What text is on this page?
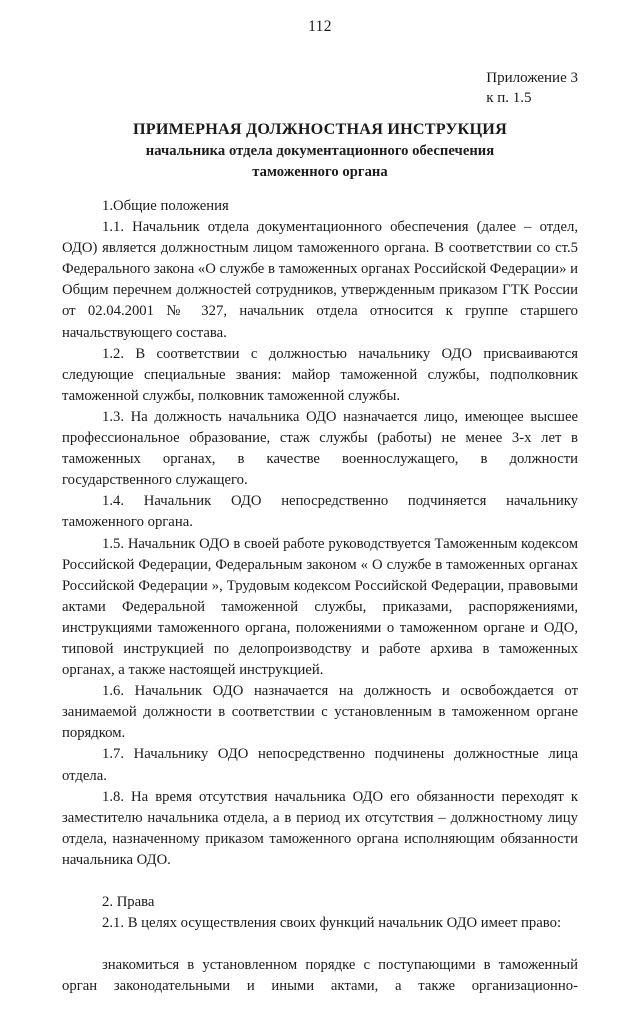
112
Приложение 3
к п. 1.5
ПРИМЕРНАЯ ДОЛЖНОСТНАЯ ИНСТРУКЦИЯ
начальника отдела документационного обеспечения
таможенного органа

1.Общие положения

1.1. Начальник отдела документационного обеспечения (далее – отдел, ОДО) является должностным лицом таможенного органа. В соответствии со ст.5 Федерального закона «О службе в таможенных органах Российской Федерации» и Общим перечнем должностей сотрудников, утвержденным приказом ГТК России от 02.04.2001 № 327, начальник отдела относится к группе старшего начальствующего состава.

1.2. В соответствии с должностью начальнику ОДО присваиваются следующие специальные звания: майор таможенной службы, подполковник таможенной службы, полковник таможенной службы.

1.3. На должность начальника ОДО назначается лицо, имеющее высшее профессиональное образование, стаж службы (работы) не менее 3-х лет в таможенных органах, в качестве военнослужащего, в должности государственного служащего.

1.4. Начальник ОДО непосредственно подчиняется начальнику таможенного органа.

1.5. Начальник ОДО в своей работе руководствуется Таможенным кодексом Российской Федерации, Федеральным законом « О службе в таможенных органах Российской Федерации », Трудовым кодексом Российской Федерации, правовыми актами Федеральной таможенной службы, приказами, распоряжениями, инструкциями таможенного органа, положениями о таможенном органе и ОДО, типовой инструкцией по делопроизводству и работе архива в таможенных органах, а также настоящей инструкцией.

1.6. Начальник ОДО назначается на должность и освобождается от занимаемой должности в соответствии с установленным в таможенном органе порядком.

1.7. Начальнику ОДО непосредственно подчинены должностные лица отдела.

1.8. На время отсутствия начальника ОДО его обязанности переходят к заместителю начальника отдела, а в период их отсутствия – должностному лицу отдела, назначенному приказом таможенного органа исполняющим обязанности начальника ОДО.

2. Права

2.1. В целях осуществления своих функций начальник ОДО имеет право:

знакомиться в установленном порядке с поступающими в таможенный орган законодательными и иными актами, а также организационно-
